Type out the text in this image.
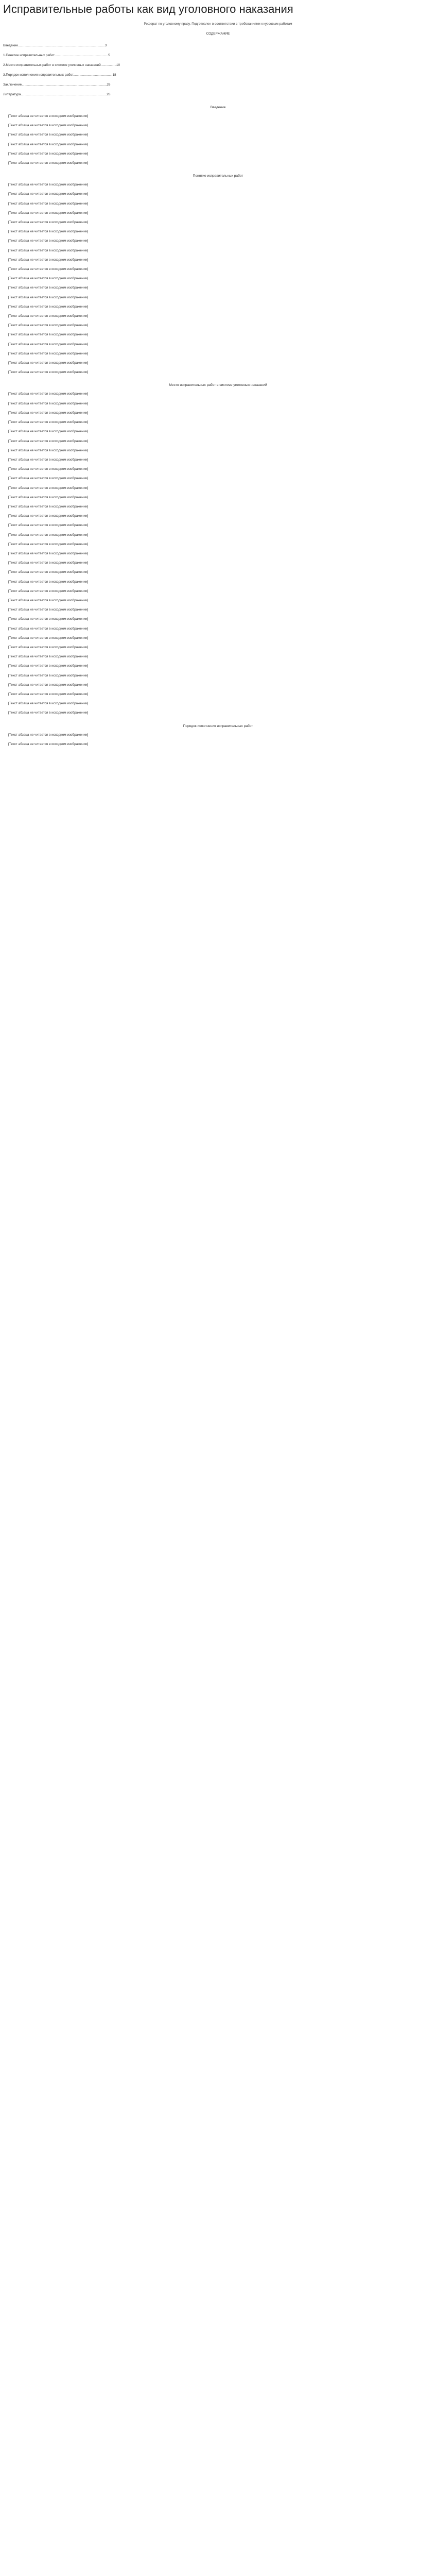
Исправительные работы как вид уголовного наказания
Реферат по уголовному праву. Подготовлен в соответствии с требованиями к курсовым работам
СОДЕРЖАНИЕ
Введение...............................................................................................3
1.Понятие исправительных работ...........................................................5
2.Место исправительных работ в системе уголовных наказаний.................10
3.Порядок исполнения исправительных работ...........................................18
Заключение.............................................................................................26
Литература..............................................................................................28
Введение

[Текст абзаца не читается в исходном изображении]

[Текст абзаца не читается в исходном изображении]

[Текст абзаца не читается в исходном изображении]

[Текст абзаца не читается в исходном изображении]

[Текст абзаца не читается в исходном изображении]

[Текст абзаца не читается в исходном изображении]

Понятие исправительных работ

[Текст абзаца не читается в исходном изображении]

[Текст абзаца не читается в исходном изображении]

[Текст абзаца не читается в исходном изображении]

[Текст абзаца не читается в исходном изображении]

[Текст абзаца не читается в исходном изображении]

[Текст абзаца не читается в исходном изображении]

[Текст абзаца не читается в исходном изображении]

[Текст абзаца не читается в исходном изображении]

[Текст абзаца не читается в исходном изображении]

[Текст абзаца не читается в исходном изображении]

[Текст абзаца не читается в исходном изображении]

[Текст абзаца не читается в исходном изображении]

[Текст абзаца не читается в исходном изображении]

[Текст абзаца не читается в исходном изображении]

[Текст абзаца не читается в исходном изображении]

[Текст абзаца не читается в исходном изображении]

[Текст абзаца не читается в исходном изображении]

[Текст абзаца не читается в исходном изображении]

[Текст абзаца не читается в исходном изображении]

[Текст абзаца не читается в исходном изображении]

[Текст абзаца не читается в исходном изображении]

Место исправительных работ в системе уголовных наказаний

[Текст абзаца не читается в исходном изображении]

[Текст абзаца не читается в исходном изображении]

[Текст абзаца не читается в исходном изображении]

[Текст абзаца не читается в исходном изображении]

[Текст абзаца не читается в исходном изображении]

[Текст абзаца не читается в исходном изображении]

[Текст абзаца не читается в исходном изображении]

[Текст абзаца не читается в исходном изображении]

[Текст абзаца не читается в исходном изображении]

[Текст абзаца не читается в исходном изображении]

[Текст абзаца не читается в исходном изображении]

[Текст абзаца не читается в исходном изображении]

[Текст абзаца не читается в исходном изображении]

[Текст абзаца не читается в исходном изображении]

[Текст абзаца не читается в исходном изображении]

[Текст абзаца не читается в исходном изображении]

[Текст абзаца не читается в исходном изображении]

[Текст абзаца не читается в исходном изображении]

[Текст абзаца не читается в исходном изображении]

[Текст абзаца не читается в исходном изображении]

[Текст абзаца не читается в исходном изображении]

[Текст абзаца не читается в исходном изображении]

[Текст абзаца не читается в исходном изображении]

[Текст абзаца не читается в исходном изображении]

[Текст абзаца не читается в исходном изображении]

[Текст абзаца не читается в исходном изображении]

[Текст абзаца не читается в исходном изображении]

[Текст абзаца не читается в исходном изображении]

[Текст абзаца не читается в исходном изображении]

[Текст абзаца не читается в исходном изображении]

[Текст абзаца не читается в исходном изображении]

[Текст абзаца не читается в исходном изображении]

[Текст абзаца не читается в исходном изображении]

[Текст абзаца не читается в исходном изображении]

[Текст абзаца не читается в исходном изображении]

Порядок исполнения исправительных работ

[Текст абзаца не читается в исходном изображении]

[Текст абзаца не читается в исходном изображении]
